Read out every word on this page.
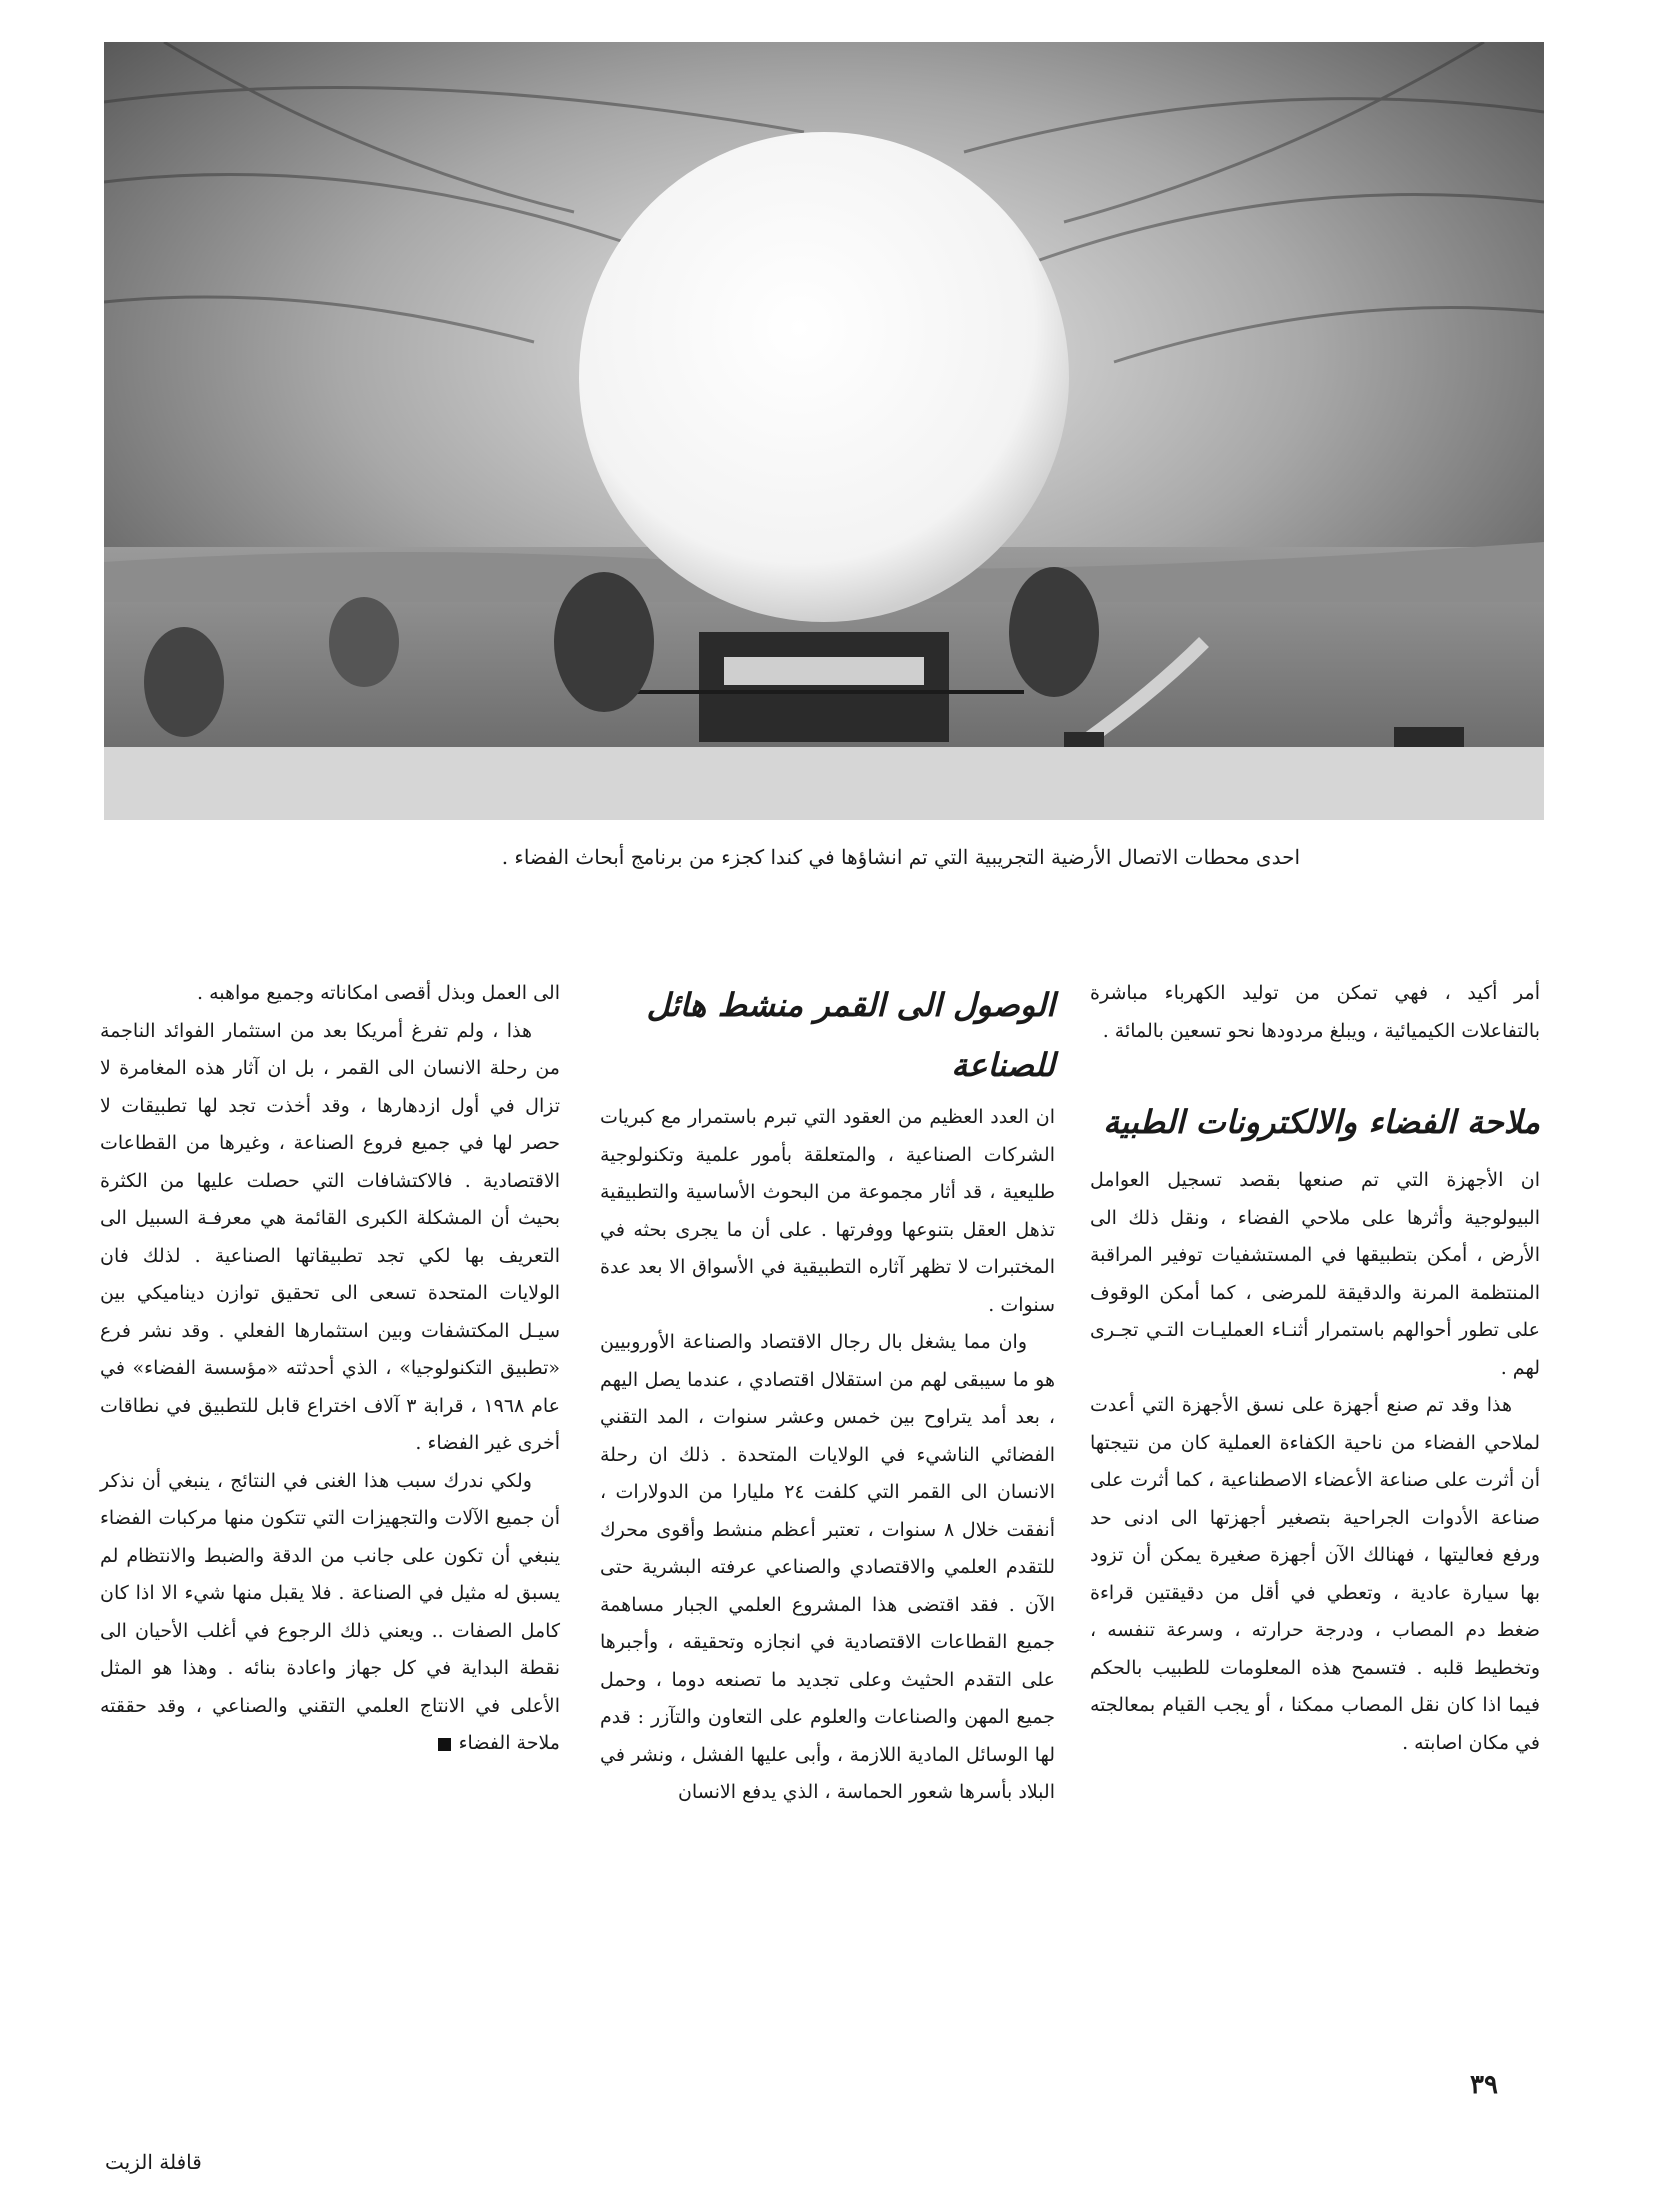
احدى محطات الاتصال الأرضية التجريبية التي تم انشاؤها في كندا كجزء من برنامج أبحاث الفضاء .

أمر أكيد ، فهي تمكن من توليد الكهرباء مباشرة بالتفاعلات الكيميائية ، ويبلغ مردودها نحو تسعين بالمائة .

ملاحة الفضاء والالكترونات الطبية

ان الأجهزة التي تم صنعها بقصد تسجيل العوامل البيولوجية وأثرها على ملاحي الفضاء ، ونقل ذلك الى الأرض ، أمكن بتطبيقها في المستشفيات توفير المراقبة المنتظمة المرنة والدقيقة للمرضى ، كما أمكن الوقوف على تطور أحوالهم باستمرار أثنـاء العمليـات التـي تجـرى لهم .

هذا وقد تم صنع أجهزة على نسق الأجهزة التي أعدت لملاحي الفضاء من ناحية الكفاءة العملية كان من نتيجتها أن أثرت على صناعة الأعضاء الاصطناعية ، كما أثرت على صناعة الأدوات الجراحية بتصغير أجهزتها الى ادنى حد ورفع فعاليتها ، فهنالك الآن أجهزة صغيرة يمكن أن تزود بها سيارة عادية ، وتعطي في أقل من دقيقتين قراءة ضغط دم المصاب ، ودرجة حرارته ، وسرعة تنفسه ، وتخطيط قلبه . فتسمح هذه المعلومات للطبيب بالحكم فيما اذا كان نقل المصاب ممكنا ، أو يجب القيام بمعالجته في مكان اصابته .

الوصول الى القمر منشط هائل للصناعة

ان العدد العظيم من العقود التي تبرم باستمرار مع كبريات الشركات الصناعية ، والمتعلقة بأمور علمية وتكنولوجية طليعية ، قد أثار مجموعة من البحوث الأساسية والتطبيقية تذهل العقل بتنوعها ووفرتها . على أن ما يجرى بحثه في المختبرات لا تظهر آثاره التطبيقية في الأسواق الا بعد عدة سنوات .

وان مما يشغل بال رجال الاقتصاد والصناعة الأوروبيين هو ما سيبقى لهم من استقلال اقتصادي ، عندما يصل اليهم ، بعد أمد يتراوح بين خمس وعشر سنوات ، المد التقني الفضائي الناشيء في الولايات المتحدة . ذلك ان رحلة الانسان الى القمر التي كلفت ٢٤ مليارا من الدولارات ، أنفقت خلال ٨ سنوات ، تعتبر أعظم منشط وأقوى محرك للتقدم العلمي والاقتصادي والصناعي عرفته البشرية حتى الآن . فقد اقتضى هذا المشروع العلمي الجبار مساهمة جميع القطاعات الاقتصادية في انجازه وتحقيقه ، وأجبرها على التقدم الحثيث وعلى تجديد ما تصنعه دوما ، وحمل جميع المهن والصناعات والعلوم على التعاون والتآزر : قدم لها الوسائل المادية اللازمة ، وأبى عليها الفشل ، ونشر في البلاد بأسرها شعور الحماسة ، الذي يدفع الانسان

الى العمل وبذل أقصى امكاناته وجميع مواهبه .

هذا ، ولم تفرغ أمريكا بعد من استثمار الفوائد الناجمة من رحلة الانسان الى القمر ، بل ان آثار هذه المغامرة لا تزال في أول ازدهارها ، وقد أخذت تجد لها تطبيقات لا حصر لها في جميع فروع الصناعة ، وغيرها من القطاعات الاقتصادية . فالاكتشافات التي حصلت عليها من الكثرة بحيث أن المشكلة الكبرى القائمة هي معرفـة السبيل الى التعريف بها لكي تجد تطبيقاتها الصناعية . لذلك فان الولايات المتحدة تسعى الى تحقيق توازن ديناميكي بين سيـل المكتشفات وبين استثمارها الفعلي . وقد نشر فرع «تطبيق التكنولوجيا» ، الذي أحدثته «مؤسسة الفضاء» في عام ١٩٦٨ ، قرابة ٣ آلاف اختراع قابل للتطبيق في نطاقات أخرى غير الفضاء .

ولكي ندرك سبب هذا الغنى في النتائج ، ينبغي أن نذكر أن جميع الآلات والتجهيزات التي تتكون منها مركبات الفضاء ينبغي أن تكون على جانب من الدقة والضبط والانتظام لم يسبق له مثيل في الصناعة . فلا يقبل منها شيء الا اذا كان كامل الصفات .. ويعني ذلك الرجوع في أغلب الأحيان الى نقطة البداية في كل جهاز واعادة بنائه . وهذا هو المثل الأعلى في الانتاج العلمي التقني والصناعي ، وقد حققته ملاحة الفضاء

٣٩
قافلة الزيت
